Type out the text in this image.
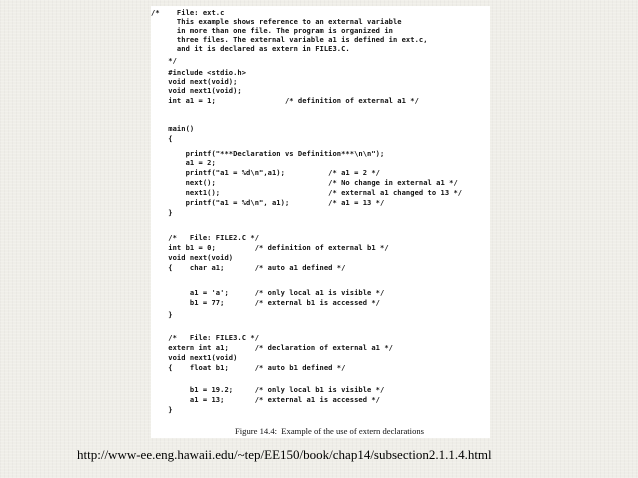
/*    File: ext.c
This example shows reference to an external variable
in more than one file. The program is organized in
three files. The external variable a1 is defined in ext.c,
and it is declared as extern in FILE3.C.
*/
#include <stdio.h>
void next(void);
void next1(void);
int a1 = 1;                /* definition of external a1 */
main()
{
printf("***Declaration vs Definition***\n\n");
a1 = 2;
printf("a1 = %d\n",a1);          /* a1 = 2 */
next();                          /* No change in external a1 */
next1();                         /* external a1 changed to 13 */
printf("a1 = %d\n", a1);         /* a1 = 13 */
}
/*   File: FILE2.C */
int b1 = 0;         /* definition of external b1 */
void next(void)
{    char a1;       /* auto a1 defined */
a1 = 'a';      /* only local a1 is visible */
b1 = 77;       /* external b1 is accessed */
}
/*   File: FILE3.C */
extern int a1;      /* declaration of external a1 */
void next1(void)
{    float b1;      /* auto b1 defined */
b1 = 19.2;     /* only local b1 is visible */
a1 = 13;       /* external a1 is accessed */
}
Figure 14.4:  Example of the use of extern declarations
http://www-ee.eng.hawaii.edu/~tep/EE150/book/chap14/subsection2.1.1.4.html
